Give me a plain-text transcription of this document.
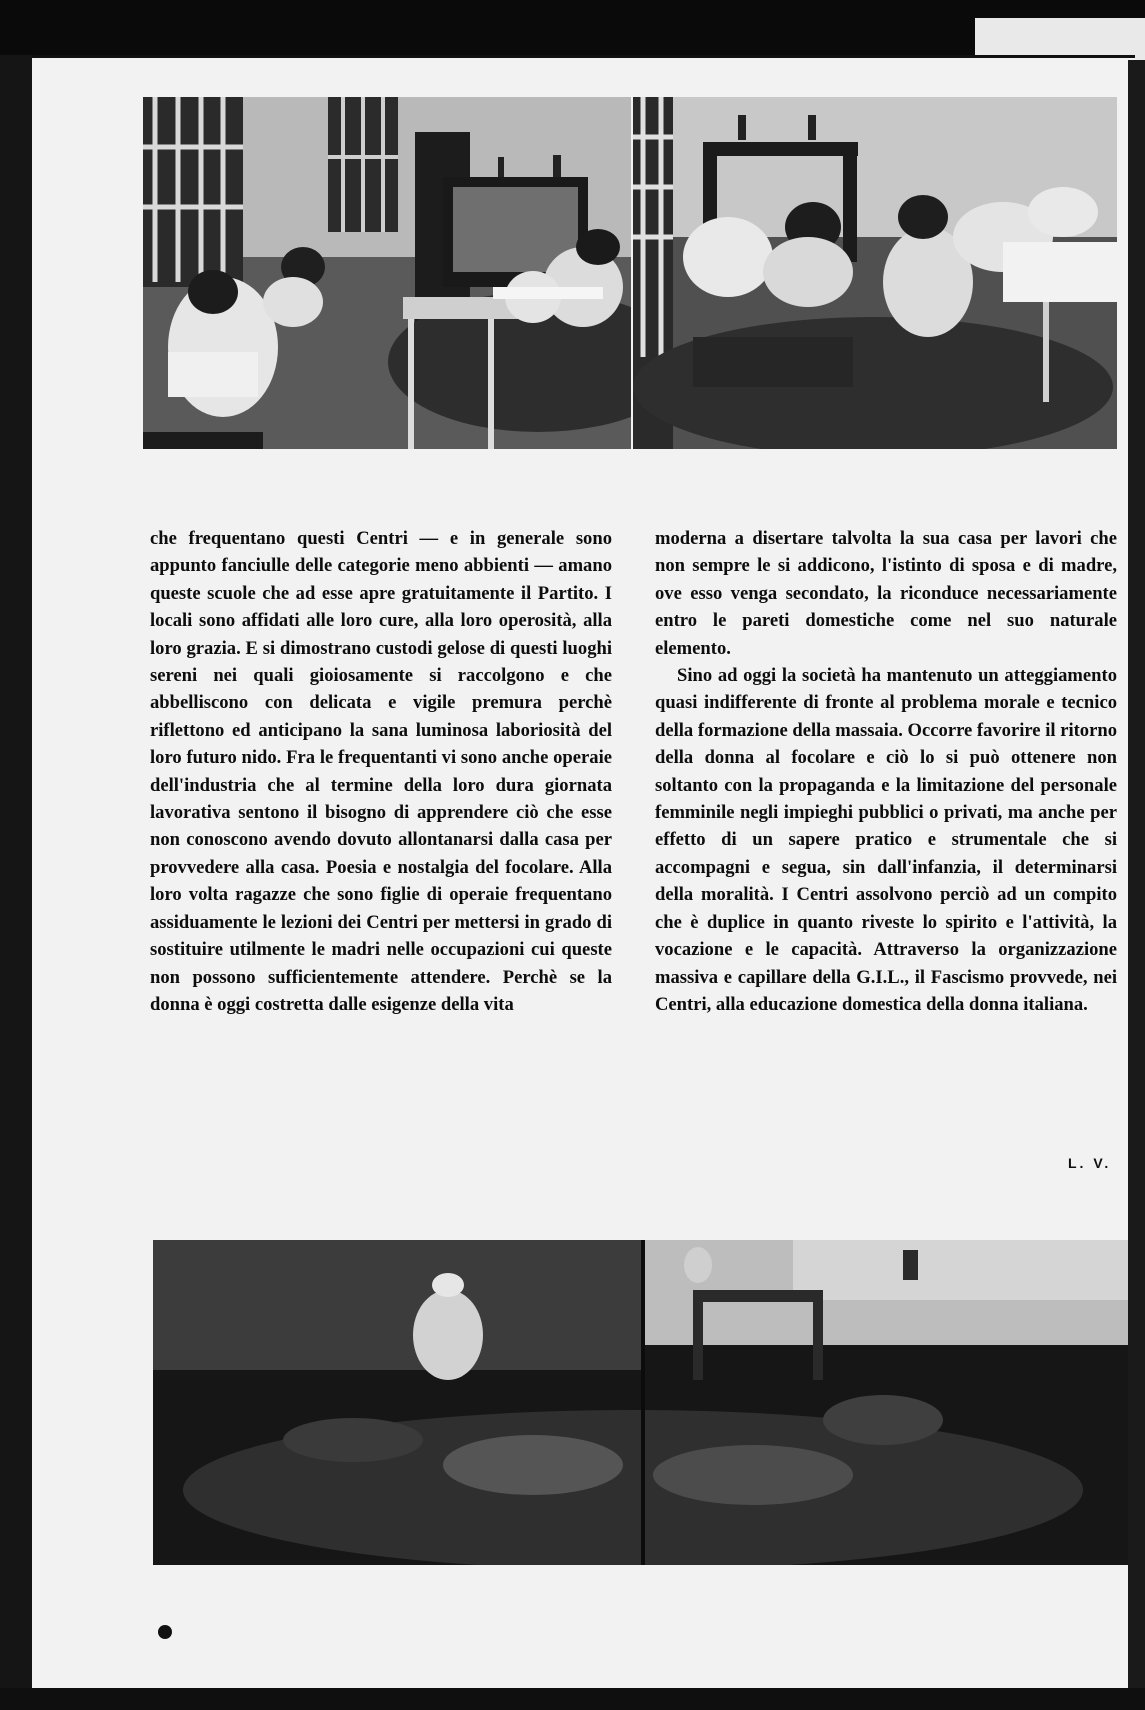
che frequentano questi Centri — e in generale sono appunto fanciulle delle categorie meno abbienti — amano queste scuole che ad esse apre gratuitamente il Partito. I locali sono affidati alle loro cure, alla loro operosità, alla loro grazia. E si dimostrano custodi gelose di questi luoghi sereni nei quali gioiosamente si raccolgono e che abbelliscono con delicata e vigile premura perchè riflettono ed anticipano la sana luminosa laboriosità del loro futuro nido. Fra le frequentanti vi sono anche operaie dell'industria che al termine della loro dura giornata lavorativa sentono il bisogno di apprendere ciò che esse non conoscono avendo dovuto allontanarsi dalla casa per provvedere alla casa. Poesia e nostalgia del focolare. Alla loro volta ragazze che sono figlie di operaie frequentano assiduamente le lezioni dei Centri per mettersi in grado di sostituire utilmente le madri nelle occupazioni cui queste non possono sufficientemente attendere. Perchè se la donna è oggi costretta dalle esigenze della vita

moderna a disertare talvolta la sua casa per lavori che non sempre le si addicono, l'istinto di sposa e di madre, ove esso venga secondato, la riconduce necessariamente entro le pareti domestiche come nel suo naturale elemento.

Sino ad oggi la società ha mantenuto un atteggiamento quasi indifferente di fronte al problema morale e tecnico della formazione della massaia. Occorre favorire il ritorno della donna al focolare e ciò lo si può ottenere non soltanto con la propaganda e la limitazione del personale femminile negli impieghi pubblici o privati, ma anche per effetto di un sapere pratico e strumentale che si accompagni e segua, sin dall'infanzia, il determinarsi della moralità. I Centri assolvono perciò ad un compito che è duplice in quanto riveste lo spirito e l'attività, la vocazione e le capacità. Attraverso la organizzazione massiva e capillare della G.I.L., il Fascismo provvede, nei Centri, alla educazione domestica della donna italiana.

L. V.
